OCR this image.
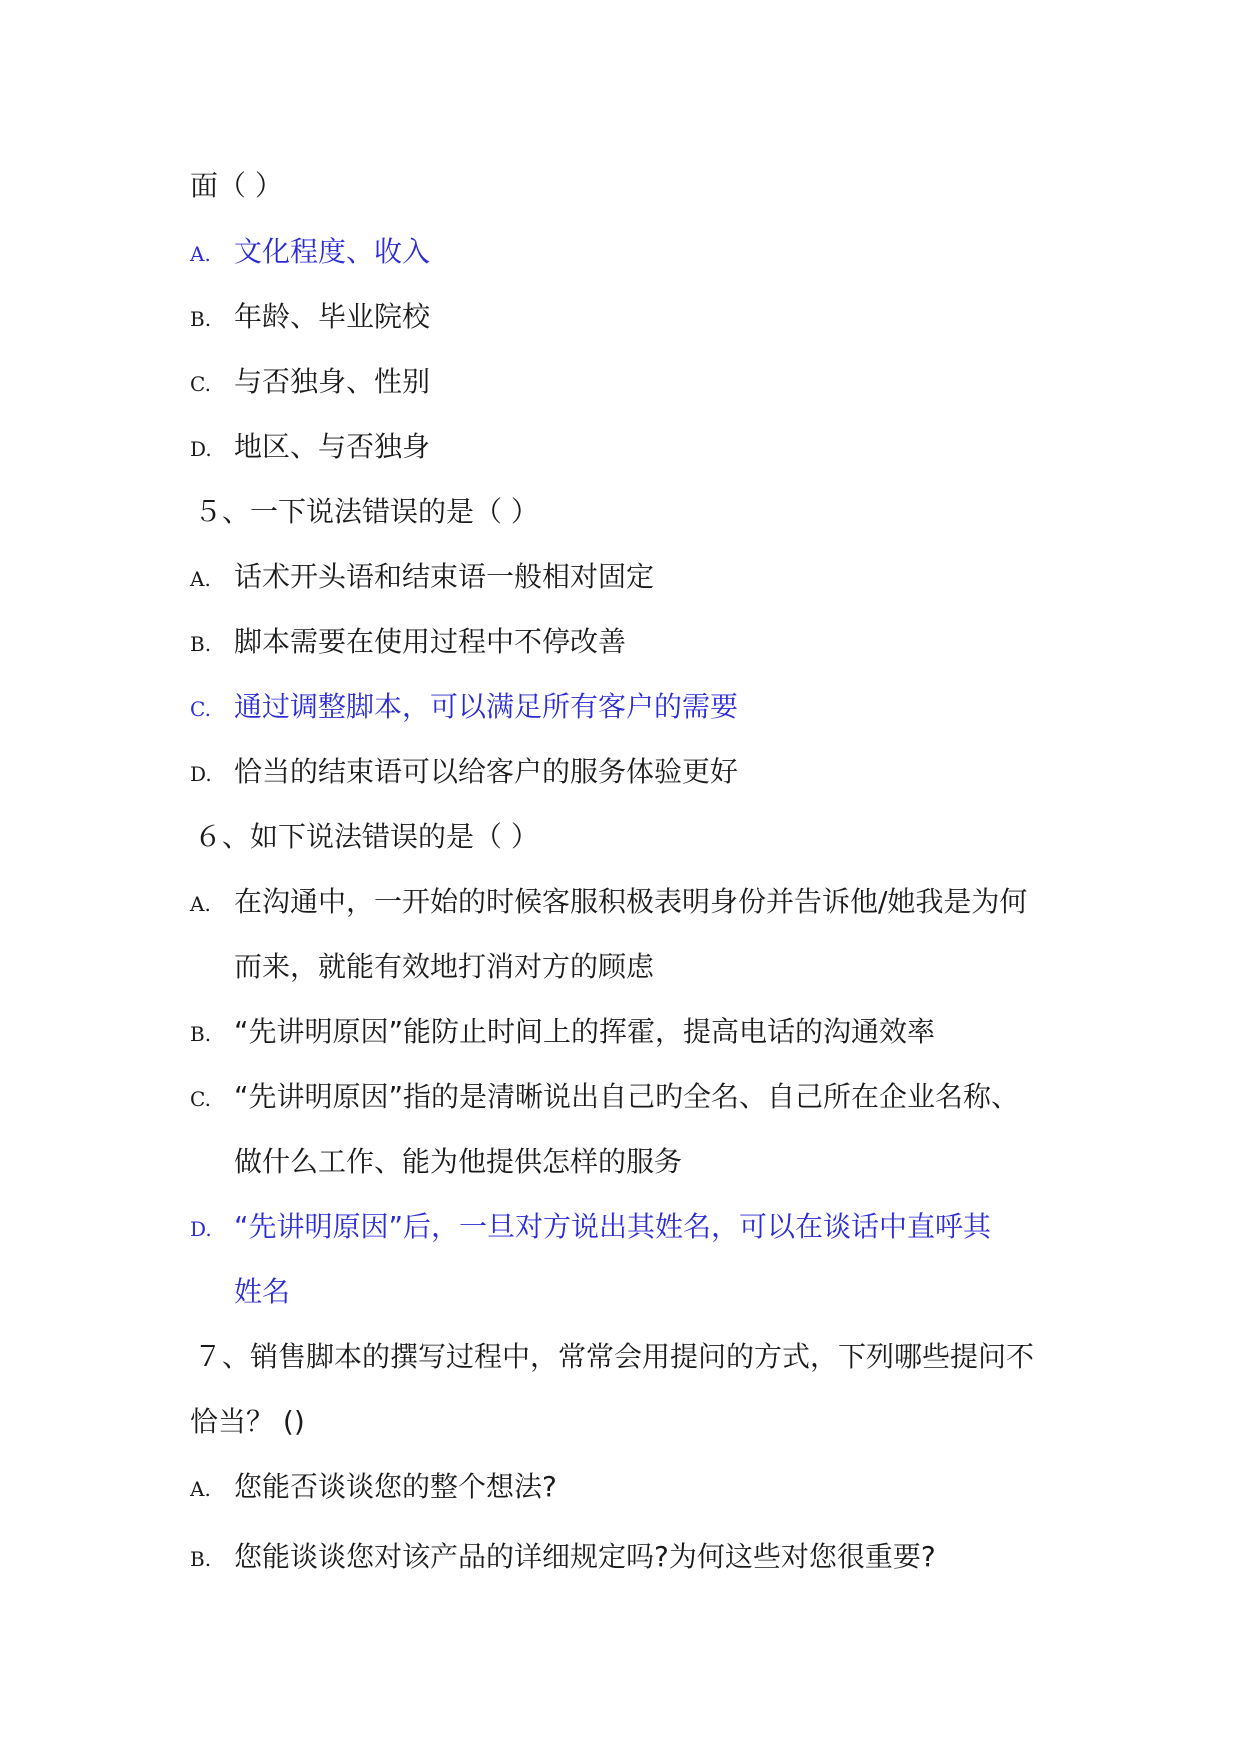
面（ ）
A. 文化程度、收入
B. 年龄、毕业院校
C. 与否独身、性别
D. 地区、与否独身
５、一下说法错误的是（ ）
A. 话术开头语和结束语一般相对固定
B. 脚本需要在使用过程中不停改善
C. 通过调整脚本，可以满足所有客户的需要
D. 恰当的结束语可以给客户的服务体验更好
６、如下说法错误的是（ ）
A. 在沟通中，一开始的时候客服积极表明身份并告诉他/她我是为何
而来，就能有效地打消对方的顾虑
B. “先讲明原因”能防止时间上的挥霍，提高电话的沟通效率
C. “先讲明原因”指的是清晰说出自己旳全名、自己所在企业名称、
做什么工作、能为他提供怎样的服务
D. “先讲明原因”后，一旦对方说出其姓名，可以在谈话中直呼其
姓名
７、销售脚本的撰写过程中，常常会用提问的方式，下列哪些提问不
恰当？ ()
A. 您能否谈谈您的整个想法?
B. 您能谈谈您对该产品的详细规定吗?为何这些对您很重要?
